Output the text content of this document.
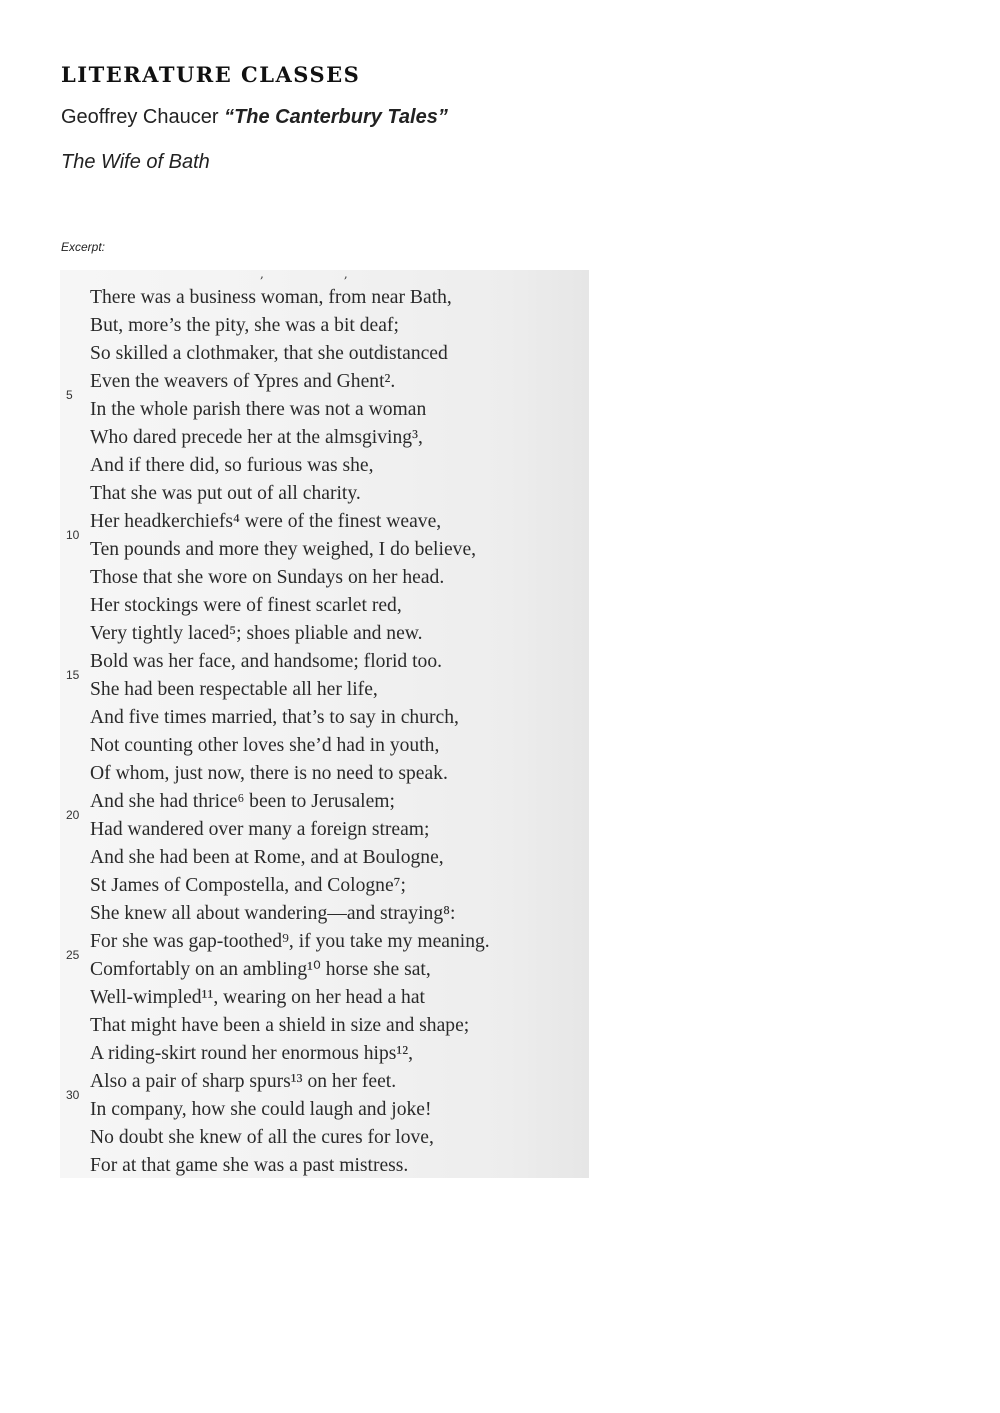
LITERATURE CLASSES
Geoffrey Chaucer “The Canterbury Tales”
The Wife of Bath
Excerpt:
,,
5
10
15
20
25
30
There was a business woman, from near Bath,
But, more’s the pity, she was a bit deaf;
So skilled a clothmaker, that she outdistanced
Even the weavers of Ypres and Ghent².
In the whole parish there was not a woman
Who dared precede her at the almsgiving³,
And if there did, so furious was she,
That she was put out of all charity.
Her headkerchiefs⁴ were of the finest weave,
Ten pounds and more they weighed, I do believe,
Those that she wore on Sundays on her head.
Her stockings were of finest scarlet red,
Very tightly laced⁵; shoes pliable and new.
Bold was her face, and handsome; florid too.
She had been respectable all her life,
And five times married, that’s to say in church,
Not counting other loves she’d had in youth,
Of whom, just now, there is no need to speak.
And she had thrice⁶ been to Jerusalem;
Had wandered over many a foreign stream;
And she had been at Rome, and at Boulogne,
St James of Compostella, and Cologne⁷;
She knew all about wandering—and straying⁸:
For she was gap-toothed⁹, if you take my meaning.
Comfortably on an ambling¹⁰ horse she sat,
Well-wimpled¹¹, wearing on her head a hat
That might have been a shield in size and shape;
A riding-skirt round her enormous hips¹²,
Also a pair of sharp spurs¹³ on her feet.
In company, how she could laugh and joke!
No doubt she knew of all the cures for love,
For at that game she was a past mistress.
